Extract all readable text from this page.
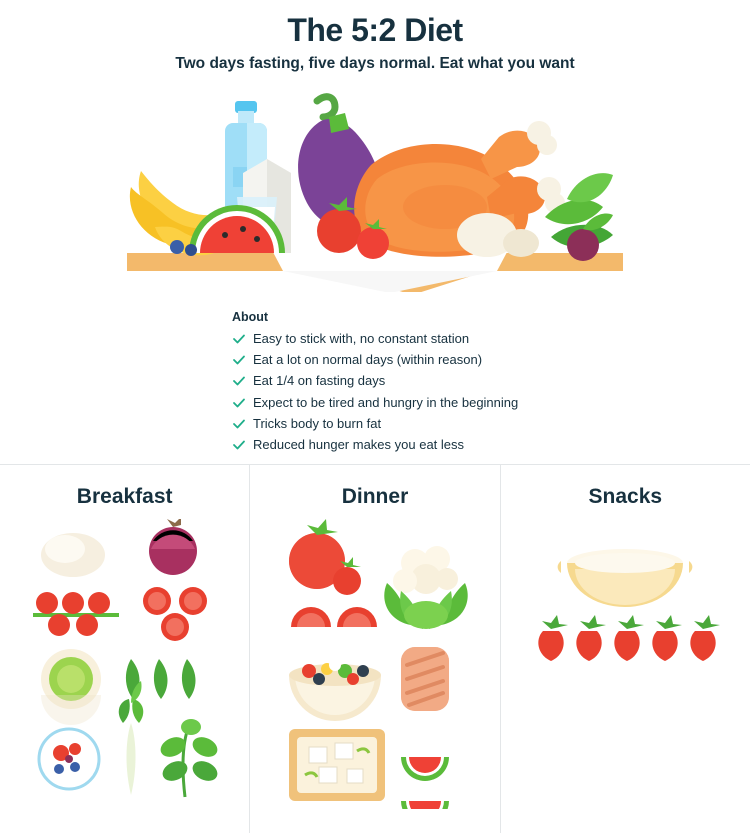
The 5:2 Diet

Two days fasting, five days normal. Eat what you want

About
Easy to stick with, no constant station
Eat a lot on normal days (within reason)
Eat 1/4 on fasting days
Expect to be tired and hungry in the beginning
Tricks body to burn fat
Reduced hunger makes you eat less
Breakfast	Dinner	Snacks
